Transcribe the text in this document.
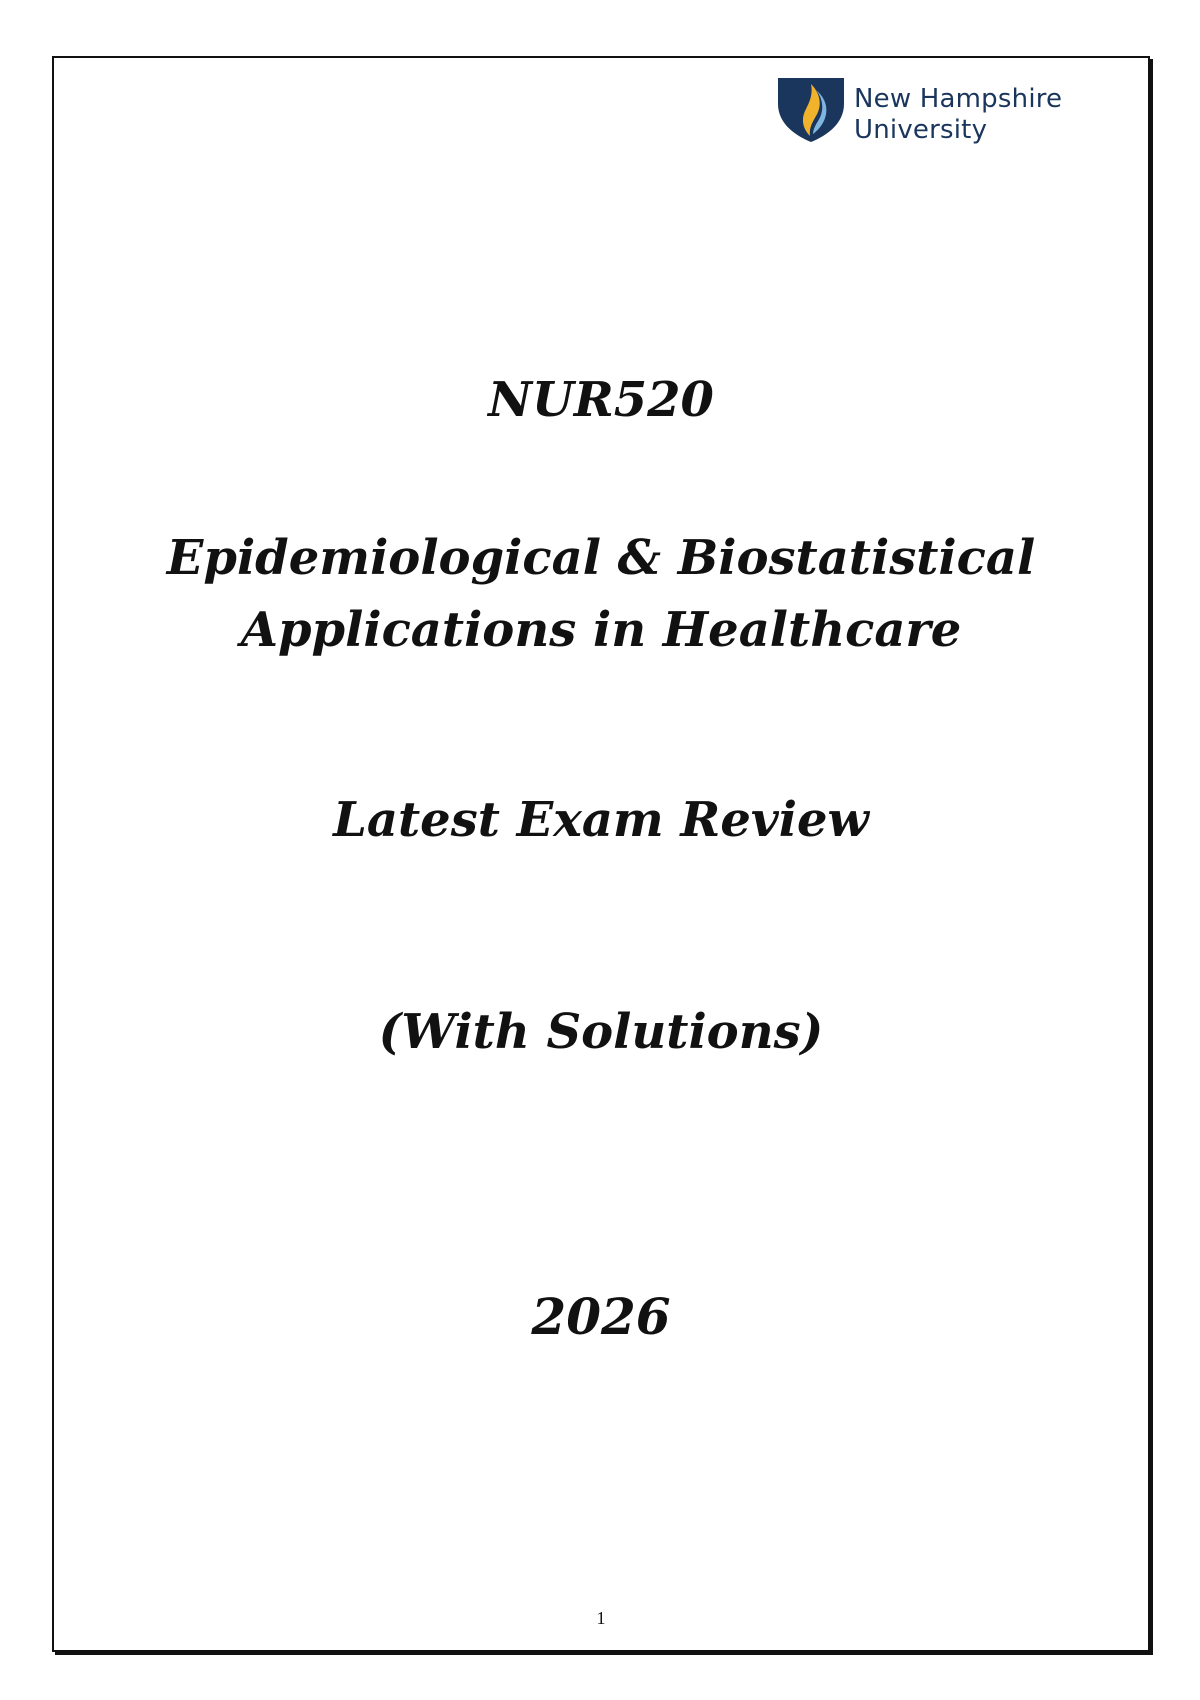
New Hampshire
University
NUR520
Epidemiological & Biostatistical
Applications in Healthcare
Latest Exam Review
(With Solutions)
2026
1
